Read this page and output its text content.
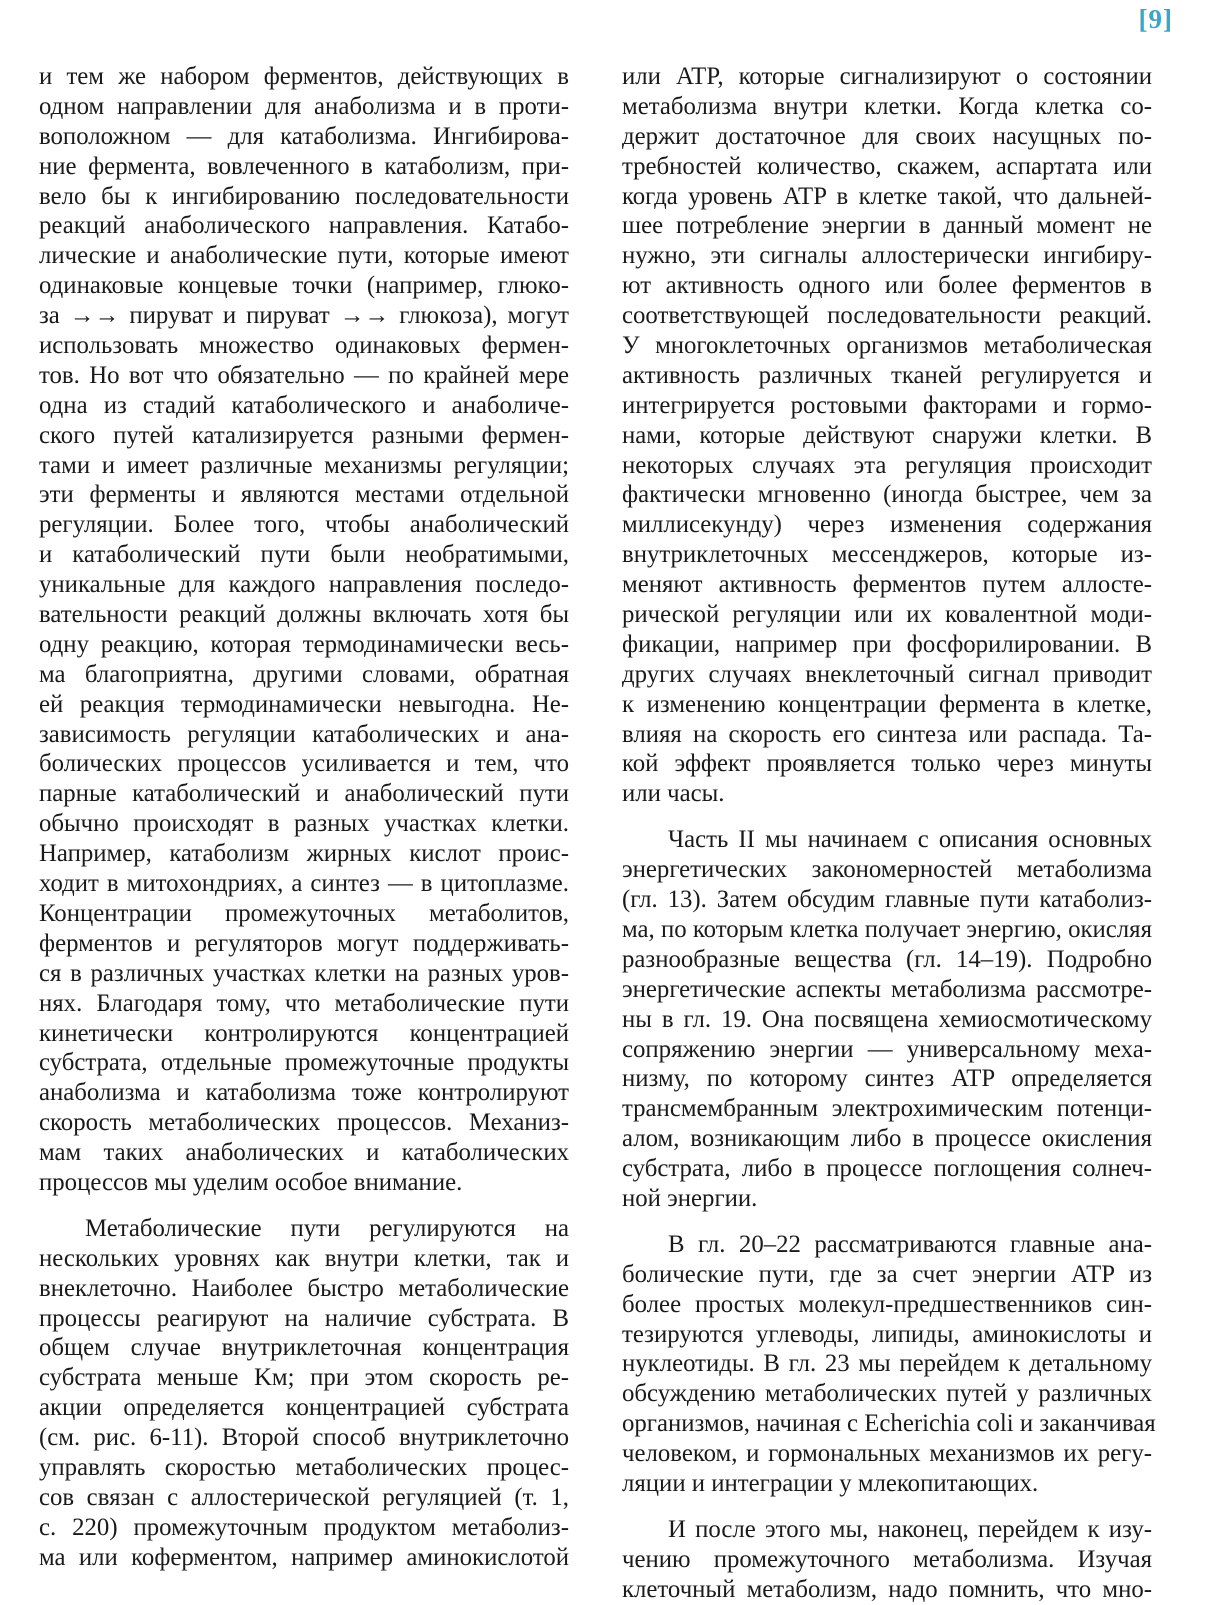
[9]
и тем же набором ферментов, действующих в
одном направлении для анаболизма и в проти-
воположном — для катаболизма. Ингибирова-
ние фермента, вовлеченного в катаболизм, при-
вело бы к ингибированию последовательности
реакций анаболического направления. Катабо-
лические и анаболические пути, которые имеют
одинаковые концевые точки (например, глюко-
за →→ пируват и пируват →→ глюкоза), могут
использовать множество одинаковых фермен-
тов. Но вот что обязательно — по крайней мере
одна из стадий катаболического и анаболиче-
ского путей катализируется разными фермен-
тами и имеет различные механизмы регуляции;
эти ферменты и являются местами отдельной
регуляции. Более того, чтобы анаболический
и катаболический пути были необратимыми,
уникальные для каждого направления последо-
вательности реакций должны включать хотя бы
одну реакцию, которая термодинамически весь-
ма благоприятна, другими словами, обратная
ей реакция термодинамически невыгодна. Не-
зависимость регуляции катаболических и ана-
болических процессов усиливается и тем, что
парные катаболический и анаболический пути
обычно происходят в разных участках клетки.
Например, катаболизм жирных кислот проис-
ходит в митохондриях, а синтез — в цитоплазме.
Концентрации промежуточных метаболитов,
ферментов и регуляторов могут поддерживать-
ся в различных участках клетки на разных уров-
нях. Благодаря тому, что метаболические пути
кинетически контролируются концентрацией
субстрата, отдельные промежуточные продукты
анаболизма и катаболизма тоже контролируют
скорость метаболических процессов. Механиз-
мам таких анаболических и катаболических
процессов мы уделим особое внимание.
Метаболические пути регулируются на
нескольких уровнях как внутри клетки, так и
внеклеточно. Наиболее быстро метаболические
процессы реагируют на наличие субстрата. В
общем случае внутриклеточная концентрация
субстрата меньше Kм; при этом скорость ре-
акции определяется концентрацией субстрата
(см. рис. 6-11). Второй способ внутриклеточно
управлять скоростью метаболических процес-
сов связан с аллостерической регуляцией (т. 1,
с. 220) промежуточным продуктом метаболиз-
ма или коферментом, например аминокислотой
или ATP, которые сигнализируют о состоянии
метаболизма внутри клетки. Когда клетка со-
держит достаточное для своих насущных по-
требностей количество, скажем, аспартата или
когда уровень ATP в клетке такой, что дальней-
шее потребление энергии в данный момент не
нужно, эти сигналы аллостерически ингибиру-
ют активность одного или более ферментов в
соответствующей последовательности реакций.
У многоклеточных организмов метаболическая
активность различных тканей регулируется и
интегрируется ростовыми факторами и гормо-
нами, которые действуют снаружи клетки. В
некоторых случаях эта регуляция происходит
фактически мгновенно (иногда быстрее, чем за
миллисекунду) через изменения содержания
внутриклеточных мессенджеров, которые из-
меняют активность ферментов путем аллосте-
рической регуляции или их ковалентной моди-
фикации, например при фосфорилировании. В
других случаях внеклеточный сигнал приводит
к изменению концентрации фермента в клетке,
влияя на скорость его синтеза или распада. Та-
кой эффект проявляется только через минуты
или часы.
Часть II мы начинаем с описания основных
энергетических закономерностей метаболизма
(гл. 13). Затем обсудим главные пути катаболиз-
ма, по которым клетка получает энергию, окисляя
разнообразные вещества (гл. 14–19). Подробно
энергетические аспекты метаболизма рассмотре-
ны в гл. 19. Она посвящена хемиосмотическому
сопряжению энергии — универсальному меха-
низму, по которому синтез ATP определяется
трансмембранным электрохимическим потенци-
алом, возникающим либо в процессе окисления
субстрата, либо в процессе поглощения солнеч-
ной энергии.
В гл. 20–22 рассматриваются главные ана-
болические пути, где за счет энергии ATP из
более простых молекул-предшественников син-
тезируются углеводы, липиды, аминокислоты и
нуклеотиды. В гл. 23 мы перейдем к детальному
обсуждению метаболических путей у различных
организмов, начиная с Echerichia coli и заканчивая
человеком, и гормональных механизмов их регу-
ляции и интеграции у млекопитающих.
И после этого мы, наконец, перейдем к изу-
чению промежуточного метаболизма. Изучая
клеточный метаболизм, надо помнить, что мно-
